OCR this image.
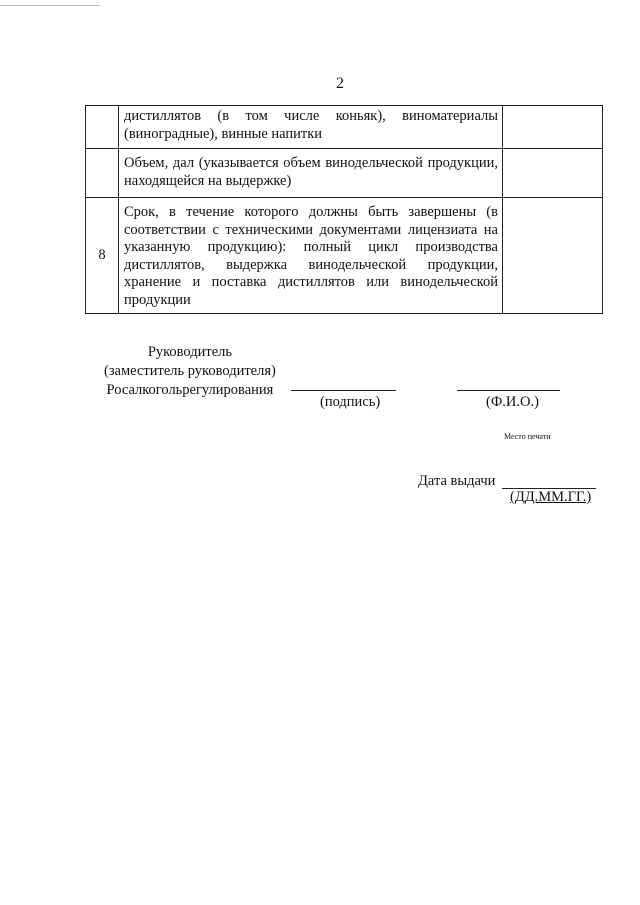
2
	дистиллятов (в том числе коньяк), виноматериалы (виноградные), винные напитки	
	Объем, дал (указывается объем винодельческой продукции, находящейся на выдержке)	
8	Срок, в течение которого должны быть завершены (в соответствии с техническими документами лицензиата на указанную продукцию): полный цикл производства дистиллятов, выдержка винодельческой продукции, хранение и поставка дистиллятов или винодельческой продукции	
Руководитель
(заместитель руководителя)
Росалкогольрегулирования
(подпись)	(Ф.И.О.)
Место печати
Дата выдачи
(ДД.ММ.ГГ.)
